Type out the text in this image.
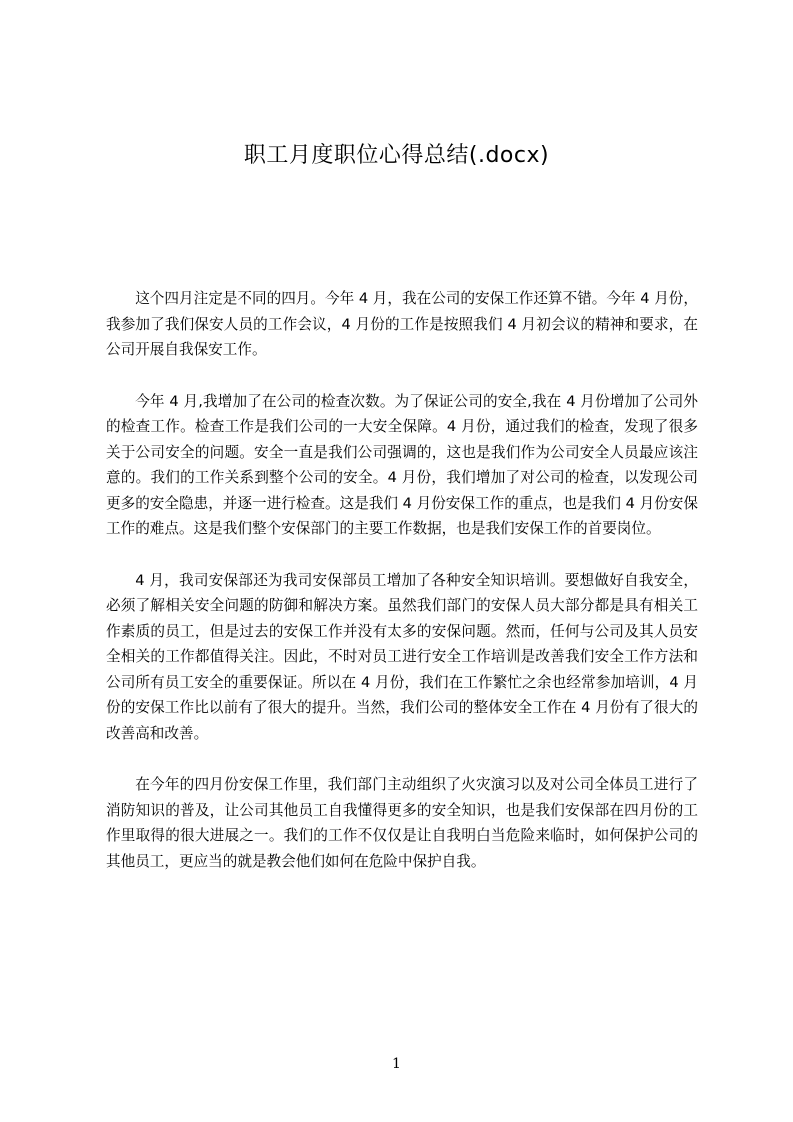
职工月度职位心得总结(.docx)

这个四月注定是不同的四月。今年 4 月，我在公司的安保工作还算不错。今年 4 月份，我参加了我们保安人员的工作会议，4 月份的工作是按照我们 4 月初会议的精神和要求，在公司开展自我保安工作。

今年 4 月,我增加了在公司的检查次数。为了保证公司的安全,我在 4 月份增加了公司外的检查工作。检查工作是我们公司的一大安全保障。4 月份，通过我们的检查，发现了很多关于公司安全的问题。安全一直是我们公司强调的，这也是我们作为公司安全人员最应该注意的。我们的工作关系到整个公司的安全。4 月份，我们增加了对公司的检查，以发现公司更多的安全隐患，并逐一进行检查。这是我们 4 月份安保工作的重点，也是我们 4 月份安保工作的难点。这是我们整个安保部门的主要工作数据，也是我们安保工作的首要岗位。

4 月，我司安保部还为我司安保部员工增加了各种安全知识培训。要想做好自我安全，必须了解相关安全问题的防御和解决方案。虽然我们部门的安保人员大部分都是具有相关工作素质的员工，但是过去的安保工作并没有太多的安保问题。然而，任何与公司及其人员安全相关的工作都值得关注。因此，不时对员工进行安全工作培训是改善我们安全工作方法和公司所有员工安全的重要保证。所以在 4 月份，我们在工作繁忙之余也经常参加培训，4 月份的安保工作比以前有了很大的提升。当然，我们公司的整体安全工作在 4 月份有了很大的改善高和改善。

在今年的四月份安保工作里，我们部门主动组织了火灾演习以及对公司全体员工进行了消防知识的普及，让公司其他员工自我懂得更多的安全知识，也是我们安保部在四月份的工作里取得的很大进展之一。我们的工作不仅仅是让自我明白当危险来临时，如何保护公司的其他员工，更应当的就是教会他们如何在危险中保护自我。

1
